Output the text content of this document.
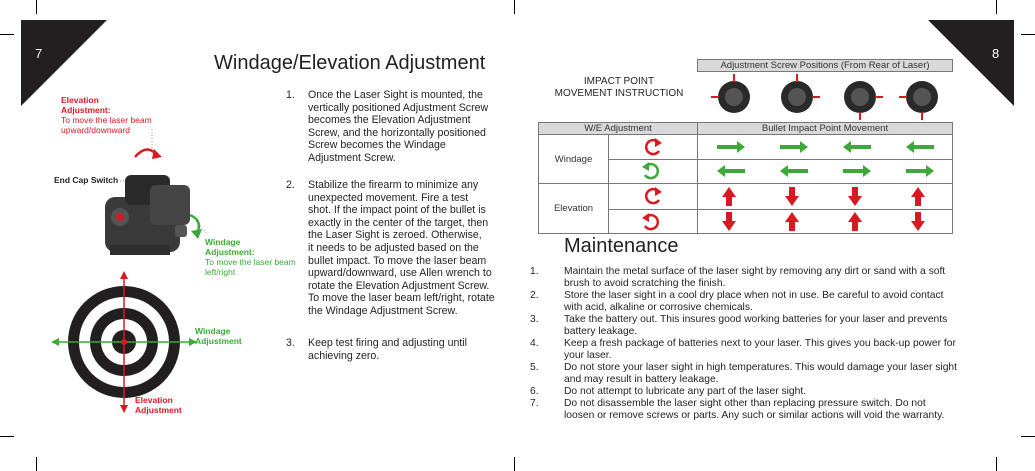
7	8
Windage/Elevation Adjustment
Elevation
Adjustment:
To move the laser beam
upward/downward
End Cap Switch
Windage
Adjustment:
To move the laser beam
left/right
Windage
Adjustment
Elevation
Adjustment
1. Once the Laser Sight is mounted, the
vertically positioned Adjustment Screw
becomes the Elevation Adjustment
Screw, and the horizontally positioned
Screw becomes the Windage
Adjustment Screw.
2. Stabilize the firearm to minimize any
unexpected movement. Fire a test
shot. If the impact point of the bullet is
exactly in the center of the target, then
the Laser Sight is zeroed. Otherwise,
it needs to be adjusted based on the
bullet impact. To move the laser beam
upward/downward, use Allen wrench to
rotate the Elevation Adjustment Screw.
To move the laser beam left/right, rotate
the Windage Adjustment Screw.
3. Keep test firing and adjusting until
achieving zero.
IMPACT POINT
MOVEMENT INSTRUCTION
Adjustment Screw Positions (From Rear of Laser)
W/E Adjustment	Bullet Impact Point Movement
Windage
Elevation
Maintenance
1. Maintain the metal surface of the laser sight by removing any dirt or sand with a soft
brush to avoid scratching the finish.
2. Store the laser sight in a cool dry place when not in use. Be careful to avoid contact
with acid, alkaline or corrosive chemicals.
3. Take the battery out. This insures good working batteries for your laser and prevents
battery leakage.
4. Keep a fresh package of batteries next to your laser. This gives you back-up power for
your laser.
5. Do not store your laser sight in high temperatures. This would damage your laser sight
and may result in battery leakage.
6. Do not attempt to lubricate any part of the laser sight.
7. Do not disassemble the laser sight other than replacing pressure switch. Do not
loosen or remove screws or parts. Any such or similar actions will void the warranty.
